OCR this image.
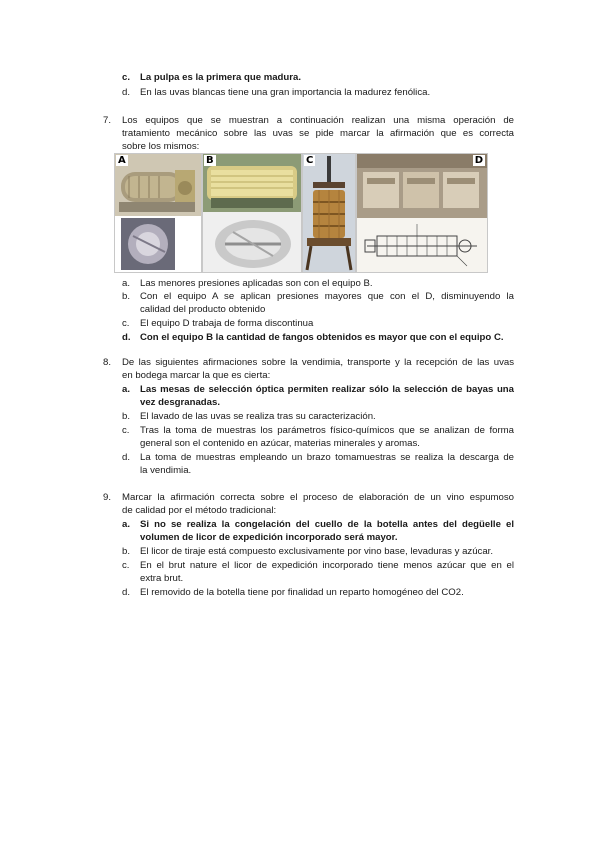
c. La pulpa es la primera que madura.
d. En las uvas blancas tiene una gran importancia la madurez fenólica.
7. Los equipos que se muestran a continuación realizan una misma operación de
tratamiento mecánico sobre las uvas se pide marcar la afirmación que es correcta
sobre los mismos:
A	B	C	D
a. Las menores presiones aplicadas son con el equipo B.
b. Con el equipo A se aplican presiones mayores que con el D, disminuyendo la
calidad del producto obtenido
c. El equipo D trabaja de forma discontinua
d. Con el equipo B la cantidad de fangos obtenidos es mayor que con el equipo C.
8. De las siguientes afirmaciones sobre la vendimia, transporte y la recepción de las uvas
en bodega marcar la que es cierta:
a. Las mesas de selección óptica permiten realizar sólo la selección de bayas una
vez desgranadas.
b. El lavado de las uvas se realiza tras su caracterización.
c. Tras la toma de muestras los parámetros físico-químicos que se analizan de forma
general son el contenido en azúcar, materias minerales y aromas.
d. La toma de muestras empleando un brazo tomamuestras se realiza la descarga de
la vendimia.
9. Marcar la afirmación correcta sobre el proceso de elaboración de un vino espumoso
de calidad por el método tradicional:
a. Si no se realiza la congelación del cuello de la botella antes del degüelle el
volumen de licor de expedición incorporado será mayor.
b. El licor de tiraje está compuesto exclusivamente por vino base, levaduras y azúcar.
c. En el brut nature el licor de expedición incorporado tiene menos azúcar que en el
extra brut.
d. El removido de la botella tiene por finalidad un reparto homogéneo del CO2.
